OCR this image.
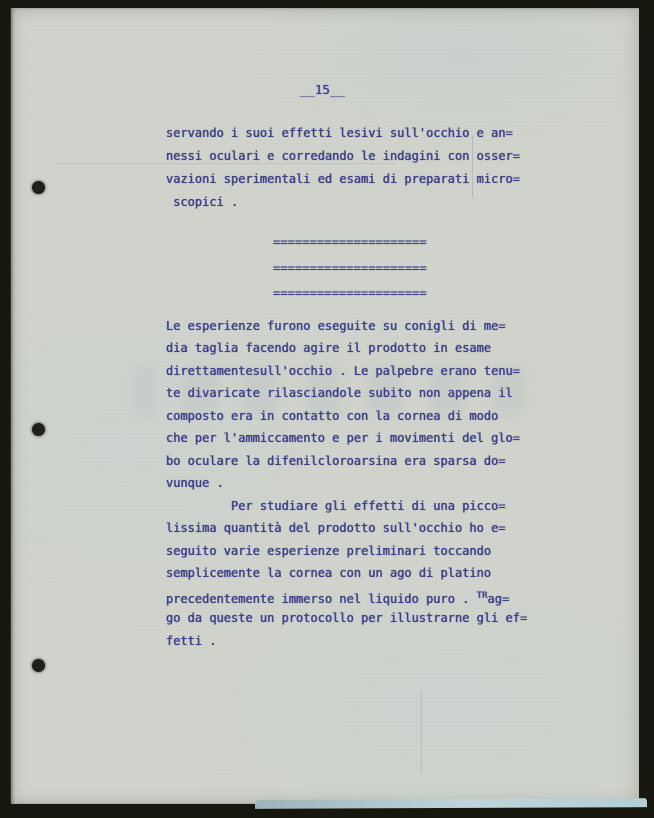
__15__
servando i suoi effetti lesivi sull'occhio e an=
nessi oculari e corredando le indagini con osser=
vazioni sperimentali ed esami di preparati micro=
scopici .
=====================
=====================
=====================
Le esperienze furono eseguite su conigli di me=
dia taglia facendo agire il prodotto in esame
direttamentesull'occhio . Le palpebre erano tenu=
te divaricate rilasciandole subito non appena il
composto era in contatto con la cornea di modo
che per l'ammiccamento e per i movimenti del glo=
bo oculare la difenilcloroarsina era sparsa do=
vunque .
Per studiare gli effetti di una picco=
lissima quantità del prodotto sull'occhio ho e=
seguito varie esperienze preliminari toccando
semplicemente la cornea con un ago di platino
precedentemente immerso nel liquido puro . $^{TR}$ag=
go da queste un protocollo per illustrarne gli ef=
fetti .
